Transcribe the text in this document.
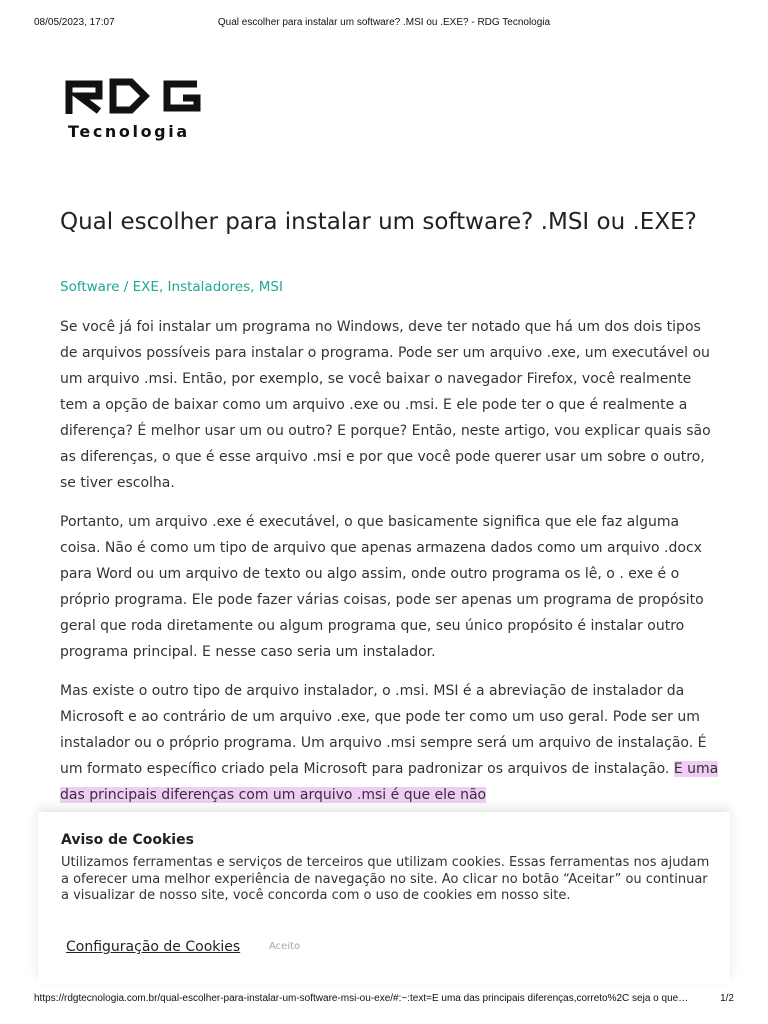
08/05/2023, 17:07	Qual escolher para instalar um software? .MSI ou .EXE? - RDG Tecnologia
Tecnologia
Qual escolher para instalar um software? .MSI ou .EXE?
Software / EXE, Instaladores, MSI

Se você já foi instalar um programa no Windows, deve ter notado que há um dos dois tipos de arquivos possíveis para instalar o programa. Pode ser um arquivo .exe, um executável ou um arquivo .msi. Então, por exemplo, se você baixar o navegador Firefox, você realmente tem a opção de baixar como um arquivo .exe ou .msi. E ele pode ter o que é realmente a diferença? É melhor usar um ou outro? E porque? Então, neste artigo, vou explicar quais são as diferenças, o que é esse arquivo .msi e por que você pode querer usar um sobre o outro, se tiver escolha.

Portanto, um arquivo .exe é executável, o que basicamente significa que ele faz alguma coisa. Não é como um tipo de arquivo que apenas armazena dados como um arquivo .docx para Word ou um arquivo de texto ou algo assim, onde outro programa os lê, o . exe é o próprio programa. Ele pode fazer várias coisas, pode ser apenas um programa de propósito geral que roda diretamente ou algum programa que, seu único propósito é instalar outro programa principal. E nesse caso seria um instalador.

Mas existe o outro tipo de arquivo instalador, o .msi. MSI é a abreviação de instalador da Microsoft e ao contrário de um arquivo .exe, que pode ter como um uso geral. Pode ser um instalador ou o próprio programa. Um arquivo .msi sempre será um arquivo de instalação. É um formato específico criado pela Microsoft para padronizar os arquivos de instalação. E uma das principais diferenças com um arquivo .msi é que ele não

Aviso de Cookies
Utilizamos ferramentas e serviços de terceiros que utilizam cookies. Essas ferramentas nos ajudam a oferecer uma melhor experiência de navegação no site. Ao clicar no botão “Aceitar” ou continuar a visualizar de nosso site, você concorda com o uso de cookies em nosso site.
Configuração de Cookies	Aceito
https://rdgtecnologia.com.br/qual-escolher-para-instalar-um-software-msi-ou-exe/#:~:text=E uma das principais diferenças,correto%2C seja o que…	1/2
